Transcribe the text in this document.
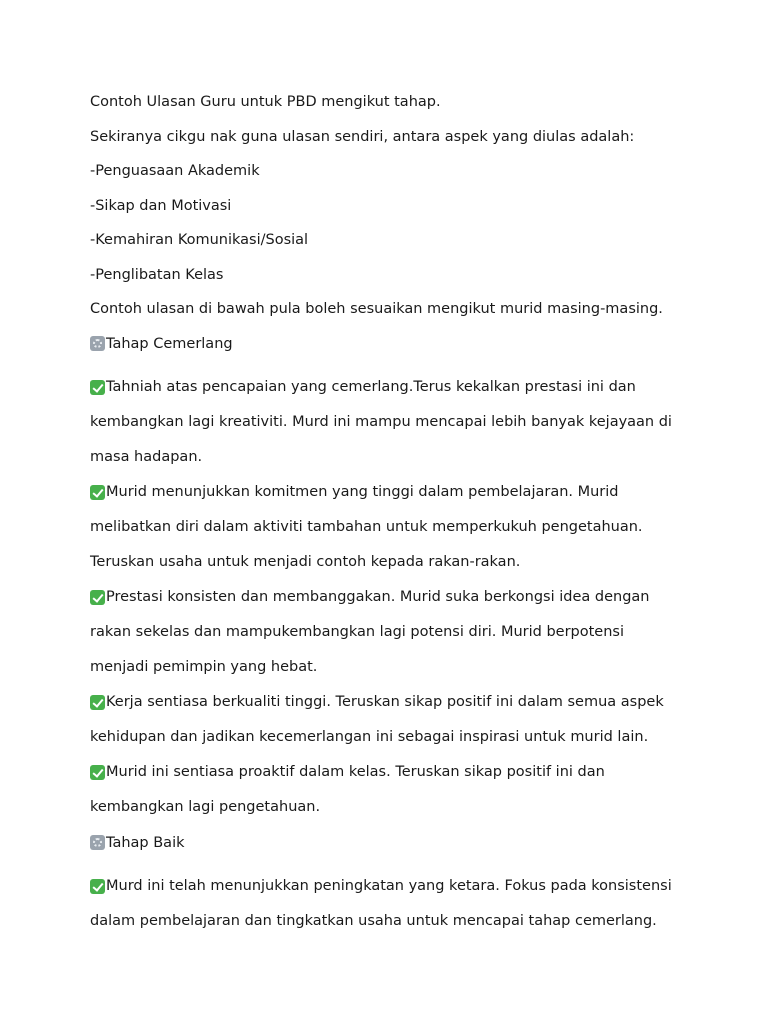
Contoh Ulasan Guru untuk PBD mengikut tahap.

Sekiranya cikgu nak guna ulasan sendiri, antara aspek yang diulas adalah:

-Penguasaan Akademik

-Sikap dan Motivasi

-Kemahiran Komunikasi/Sosial

-Penglibatan Kelas

Contoh ulasan di bawah pula boleh sesuaikan mengikut murid masing-masing.

Tahap Cemerlang

Tahniah atas pencapaian yang cemerlang.Terus kekalkan prestasi ini dan

kembangkan lagi kreativiti. Murd ini mampu mencapai lebih banyak kejayaan di

masa hadapan.

Murid menunjukkan komitmen yang tinggi dalam pembelajaran. Murid

melibatkan diri dalam aktiviti tambahan untuk memperkukuh pengetahuan.

Teruskan usaha untuk menjadi contoh kepada rakan-rakan.

Prestasi konsisten dan membanggakan. Murid suka berkongsi idea dengan

rakan sekelas dan mampukembangkan lagi potensi diri. Murid berpotensi

menjadi pemimpin yang hebat.

Kerja sentiasa berkualiti tinggi. Teruskan sikap positif ini dalam semua aspek

kehidupan dan jadikan kecemerlangan ini sebagai inspirasi untuk murid lain.

Murid ini sentiasa proaktif dalam kelas. Teruskan sikap positif ini dan

kembangkan lagi pengetahuan.

Tahap Baik

Murd ini telah menunjukkan peningkatan yang ketara. Fokus pada konsistensi

dalam pembelajaran dan tingkatkan usaha untuk mencapai tahap cemerlang.
